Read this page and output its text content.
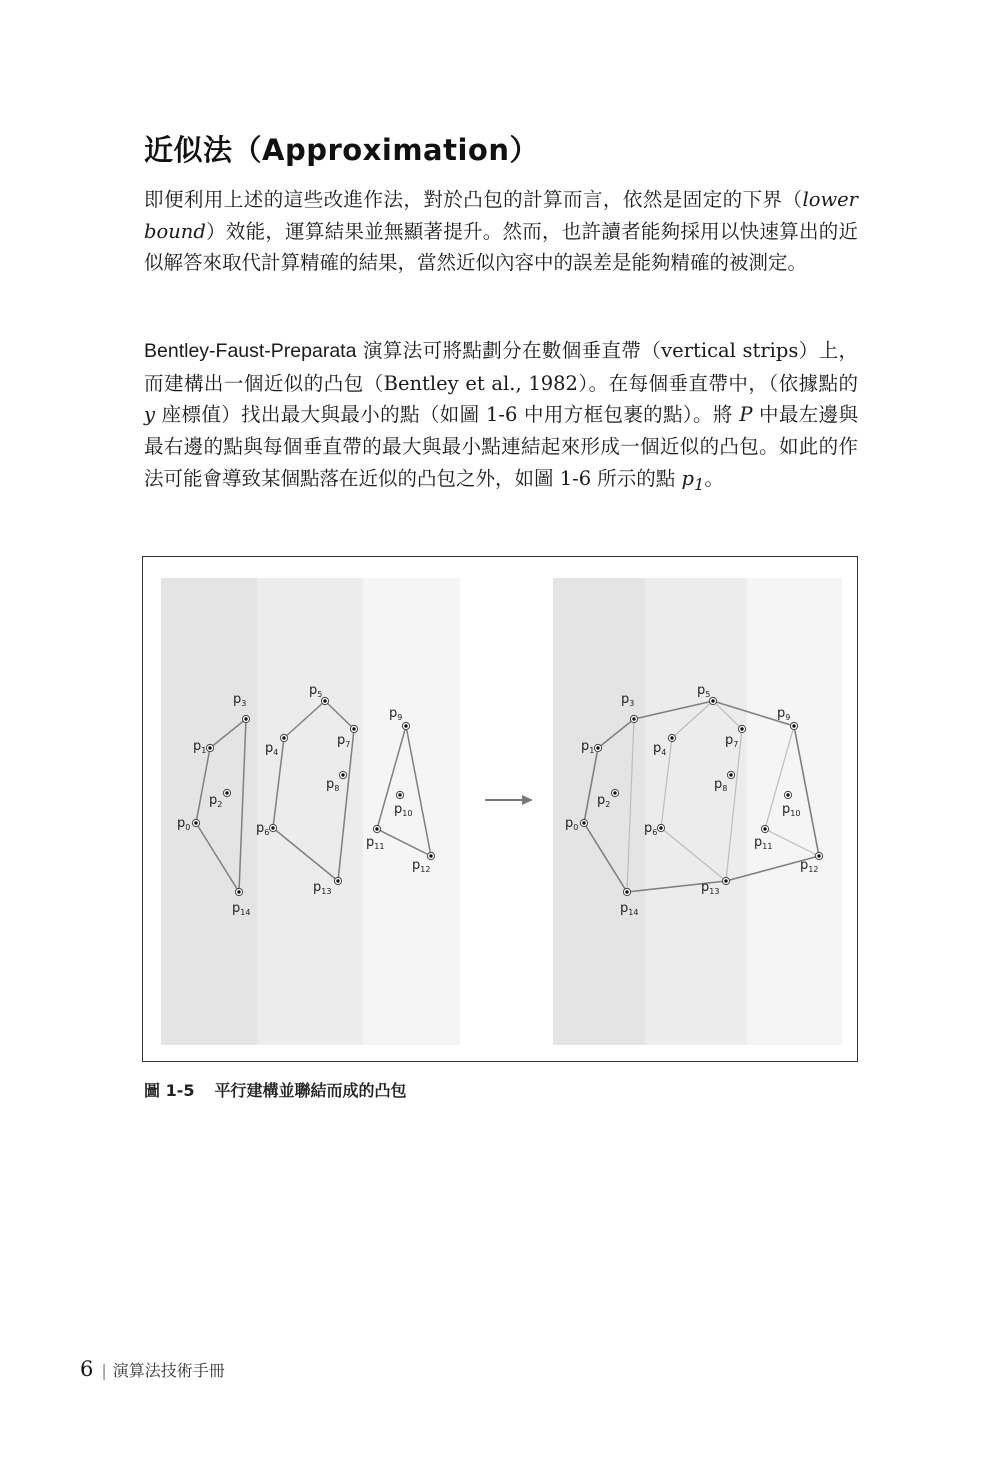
近似法（Approximation）

即便利用上述的這些改進作法，對於凸包的計算而言，依然是固定的下界（lower bound）效能，運算結果並無顯著提升。然而，也許讀者能夠採用以快速算出的近似解答來取代計算精確的結果，當然近似內容中的誤差是能夠精確的被測定。

Bentley-Faust-Preparata 演算法可將點劃分在數個垂直帶（vertical strips）上，而建構出一個近似的凸包（Bentley et al., 1982）。在每個垂直帶中，（依據點的 y 座標值）找出最大與最小的點（如圖 1-6 中用方框包裹的點）。將 P 中最左邊與最右邊的點與每個垂直帶的最大與最小點連結起來形成一個近似的凸包。如此的作法可能會導致某個點落在近似的凸包之外，如圖 1-6 所示的點 $p_1$。

$p_0$
$p_1$
$p_2$
$p_3$
$p_4$
$p_5$
$p_6$
$p_7$
$p_8$
$p_9$
$p_{10}$
$p_{11}$
$p_{12}$
$p_{13}$
$p_{14}$
$p_0$
$p_1$
$p_2$
$p_3$
$p_4$
$p_5$
$p_6$
$p_7$
$p_8$
$p_9$
$p_{10}$
$p_{11}$
$p_{12}$
$p_{13}$
$p_{14}$

圖 1-5 平行建構並聯結而成的凸包

6 | 演算法技術手冊
